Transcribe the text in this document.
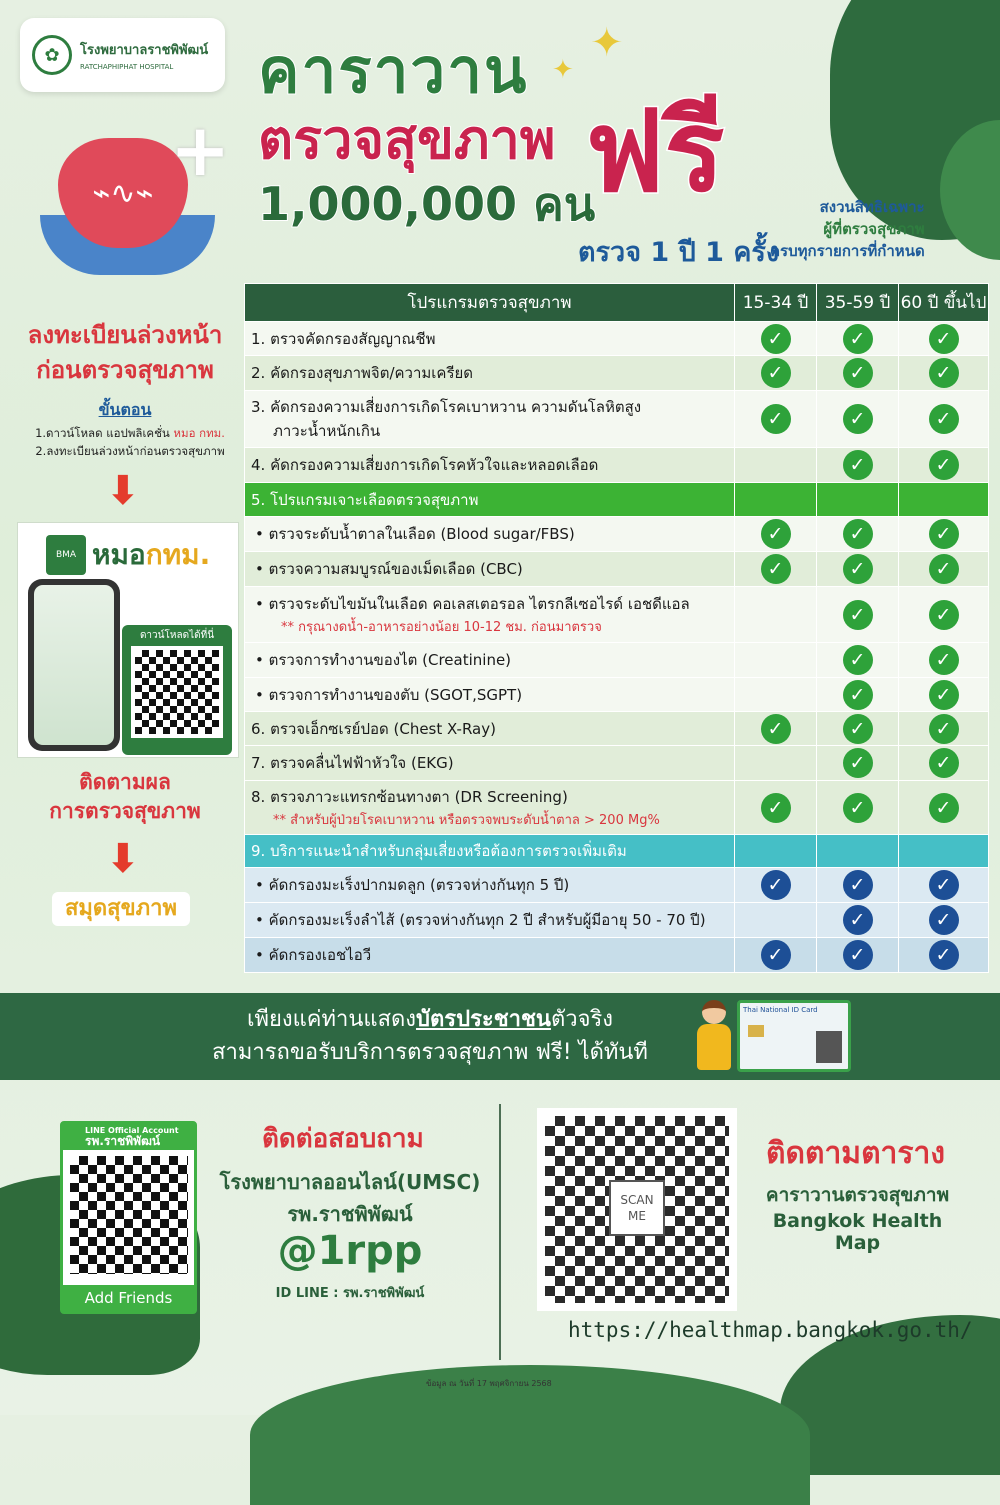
✿	โรงพยาบาลราชพิพัฒน์
RATCHAPHIPHAT HOSPITAL	คาราวาน
ตรวจสุขภาพ
1,000,000 คน
ฟรี
✦
✦
ตรวจ 1 ปี 1 ครั้ง
สงวนสิทธิเฉพาะ
ผู้ที่ตรวจสุขภาพ
ครบทุกรายการที่กำหนด
⌁∿⌁
+
ลงทะเบียนล่วงหน้า
ก่อนตรวจสุขภาพ
ขั้นตอน
1.ดาวน์โหลด แอปพลิเคชั่น หมอ กทม.
2.ลงทะเบียนล่วงหน้าก่อนตรวจสุขภาพ
⬇
BMA หมอกทม.
ดาวน์โหลดได้ที่นี่
ติดตามผล
การตรวจสุขภาพ
⬇
สมุดสุขภาพ
โปรแกรมตรวจสุขภาพ	15-34 ปี	35-59 ปี	60 ปี ขึ้นไป
1. ตรวจคัดกรองสัญญาณชีพ	✓	✓	✓
2. คัดกรองสุขภาพจิต/ความเครียด	✓	✓	✓

3. คัดกรองความเสี่ยงการเกิดโรคเบาหวาน ความดันโลหิตสูง
ภาวะน้ำหนักเกิน	✓	✓	✓
4. คัดกรองความเสี่ยงการเกิดโรคหัวใจและหลอดเลือด		✓	✓
5. โปรแกรมเจาะเลือดตรวจสุขภาพ			
• ตรวจระดับน้ำตาลในเลือด (Blood sugar/FBS)	✓	✓	✓
• ตรวจความสมบูรณ์ของเม็ดเลือด (CBC)	✓	✓	✓

• ตรวจระดับไขมันในเลือด คอเลสเตอรอล ไตรกลีเซอไรด์ เอชดีแอล
** กรุณางดน้ำ-อาหารอย่างน้อย 10-12 ชม. ก่อนมาตรวจ		✓	✓
• ตรวจการทำงานของไต (Creatinine)		✓	✓
• ตรวจการทำงานของตับ (SGOT,SGPT)		✓	✓
6. ตรวจเอ็กซเรย์ปอด (Chest X-Ray)	✓	✓	✓
7. ตรวจคลื่นไฟฟ้าหัวใจ (EKG)		✓	✓

8. ตรวจภาวะแทรกซ้อนทางตา (DR Screening)
** สำหรับผู้ป่วยโรคเบาหวาน หรือตรวจพบระดับน้ำตาล > 200 Mg%	✓	✓	✓
9. บริการแนะนำสำหรับกลุ่มเสี่ยงหรือต้องการตรวจเพิ่มเติม			
• คัดกรองมะเร็งปากมดลูก (ตรวจห่างกันทุก 5 ปี)	✓	✓	✓
• คัดกรองมะเร็งลำไส้ (ตรวจห่างกันทุก 2 ปี สำหรับผู้มีอายุ 50 - 70 ปี)		✓	✓
• คัดกรองเอชไอวี	✓	✓	✓
เพียงแค่ท่านแสดงบัตรประชาชนตัวจริง
สามารถขอรับบริการตรวจสุขภาพ ฟรี! ได้ทันที
Thai National ID Card
LINE Official Account
รพ.ราชพิพัฒน์
Add Friends
ติดต่อสอบถาม
โรงพยาบาลออนไลน์(UMSC)
รพ.ราชพิพัฒน์
@1rpp
ID LINE : รพ.ราชพิพัฒน์
SCAN ME
ติดตามตาราง
คาราวานตรวจสุขภาพ
Bangkok Health Map
https://healthmap.bangkok.go.th/
ข้อมูล ณ วันที่ 17 พฤศจิกายน 2568
